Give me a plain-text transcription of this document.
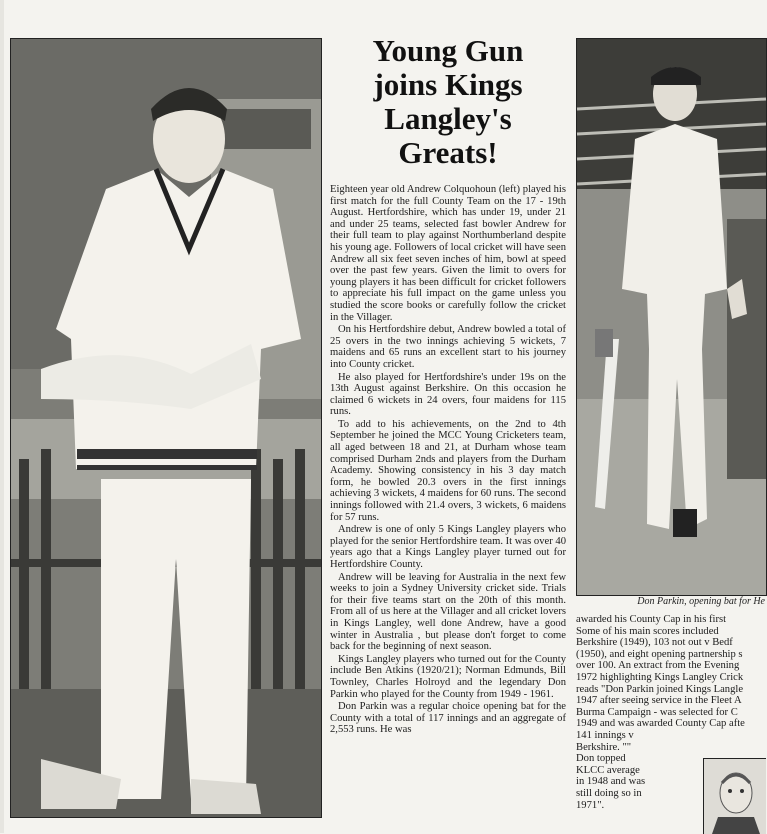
Young Gun
joins Kings
Langley's
Greats!

Eighteen year old Andrew Colquohoun (left) played his first match for the full County Team on the 17 - 19th August. Hertfordshire, which has under 19, under 21 and under 25 teams, selected fast bowler Andrew for their full team to play against Northumberland despite his young age. Followers of local cricket will have seen Andrew all six feet seven inches of him, bowl at speed over the past few years. Given the limit to overs for young players it has been difficult for cricket followers to appreciate his full impact on the game unless you studied the score books or carefully follow the cricket in the Villager.

On his Hertfordshire debut, Andrew bowled a total of 25 overs in the two innings achieving 5 wickets, 7 maidens and 65 runs an excellent start to his journey into County cricket.

He also played for Hertfordshire's under 19s on the 13th August against Berkshire. On this occasion he claimed 6 wickets in 24 overs, four maidens for 115 runs.

To add to his achievements, on the 2nd to 4th September he joined the MCC Young Cricketers team, all aged between 18 and 21, at Durham whose team comprised Durham 2nds and players from the Durham Academy. Showing consistency in his 3 day match form, he bowled 20.3 overs in the first innings achieving 3 wickets, 4 maidens for 60 runs. The second innings followed with 21.4 overs, 3 wickets, 6 maidens for 57 runs.

Andrew is one of only 5 Kings Langley players who played for the senior Hertfordshire team. It was over 40 years ago that a Kings Langley player turned out for Hertfordshire County.

Andrew will be leaving for Australia in the next few weeks to join a Sydney University cricket side. Trials for their five teams start on the 20th of this month. From all of us here at the Villager and all cricket lovers in Kings Langley, well done Andrew, have a good winter in Australia , but please don't forget to come back for the beginning of next season.

Kings Langley players who turned out for the County include Ben Atkins (1920/21); Norman Edmunds, Bill Townley, Charles Holroyd and the legendary Don Parkin who played for the County from 1949 - 1961.

Don Parkin was a regular choice opening bat for the County with a total of 117 innings and an aggregate of 2,553 runs. He was

Don Parkin, opening bat for He
awarded his County Cap in his first
Some of his main scores included
Berkshire (1949), 103 not out v Bedf
(1950), and eight opening partnership s
over 100. An extract from the Evening
1972 highlighting Kings Langley Crick
reads "Don Parkin joined Kings Langle
1947 after seeing service in the Fleet A
Burma Campaign - was selected for C
1949 and was awarded County Cap afte
141 innings v
Berkshire. ""
Don topped
KLCC average
in 1948 and was
still doing so in
1971".
